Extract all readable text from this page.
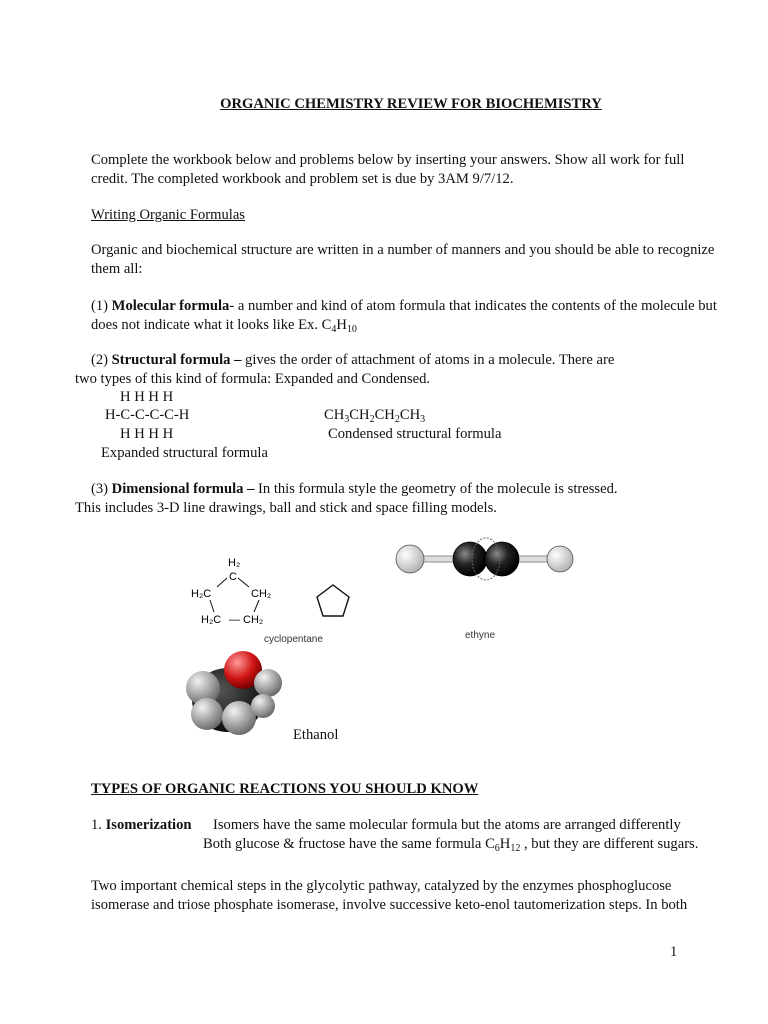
ORGANIC CHEMISTRY REVIEW FOR BIOCHEMISTRY
Complete the workbook below and problems below by inserting your answers. Show all work for full
credit. The completed workbook and problem set is due by 3AM 9/7/12.
Writing Organic Formulas
Organic and biochemical structure are written in a number of manners and you should be able to recognize
them all:
(1) Molecular formula- a number and kind of atom formula that indicates the contents of the molecule but
does not indicate what it looks like Ex. $C_4H_{10}$
(2) Structural formula – gives the order of attachment of atoms in a molecule. There are
two types of this kind of formula: Expanded and Condensed.
H H H H
H-C-C-C-C-H
H H H H
Expanded structural formula
$CH_3CH_2CH_2CH_3$
Condensed structural formula
(3) Dimensional formula – In this formula style the geometry of the molecule is stressed.
This includes 3-D line drawings, ball and stick and space filling models.
H₂
C
H₂C	CH₂
H₂C — CH₂
cyclopentane	ethyne
Ethanol
TYPES OF ORGANIC REACTIONS YOU SHOULD KNOW
1. Isomerization Isomers have the same molecular formula but the atoms are arranged differently
Both glucose & fructose have the same formula $C_6H_{12}$ , but they are different sugars.
Two important chemical steps in the glycolytic pathway, catalyzed by the enzymes phosphoglucose
isomerase and triose phosphate isomerase, involve successive keto-enol tautomerization steps. In both
1
